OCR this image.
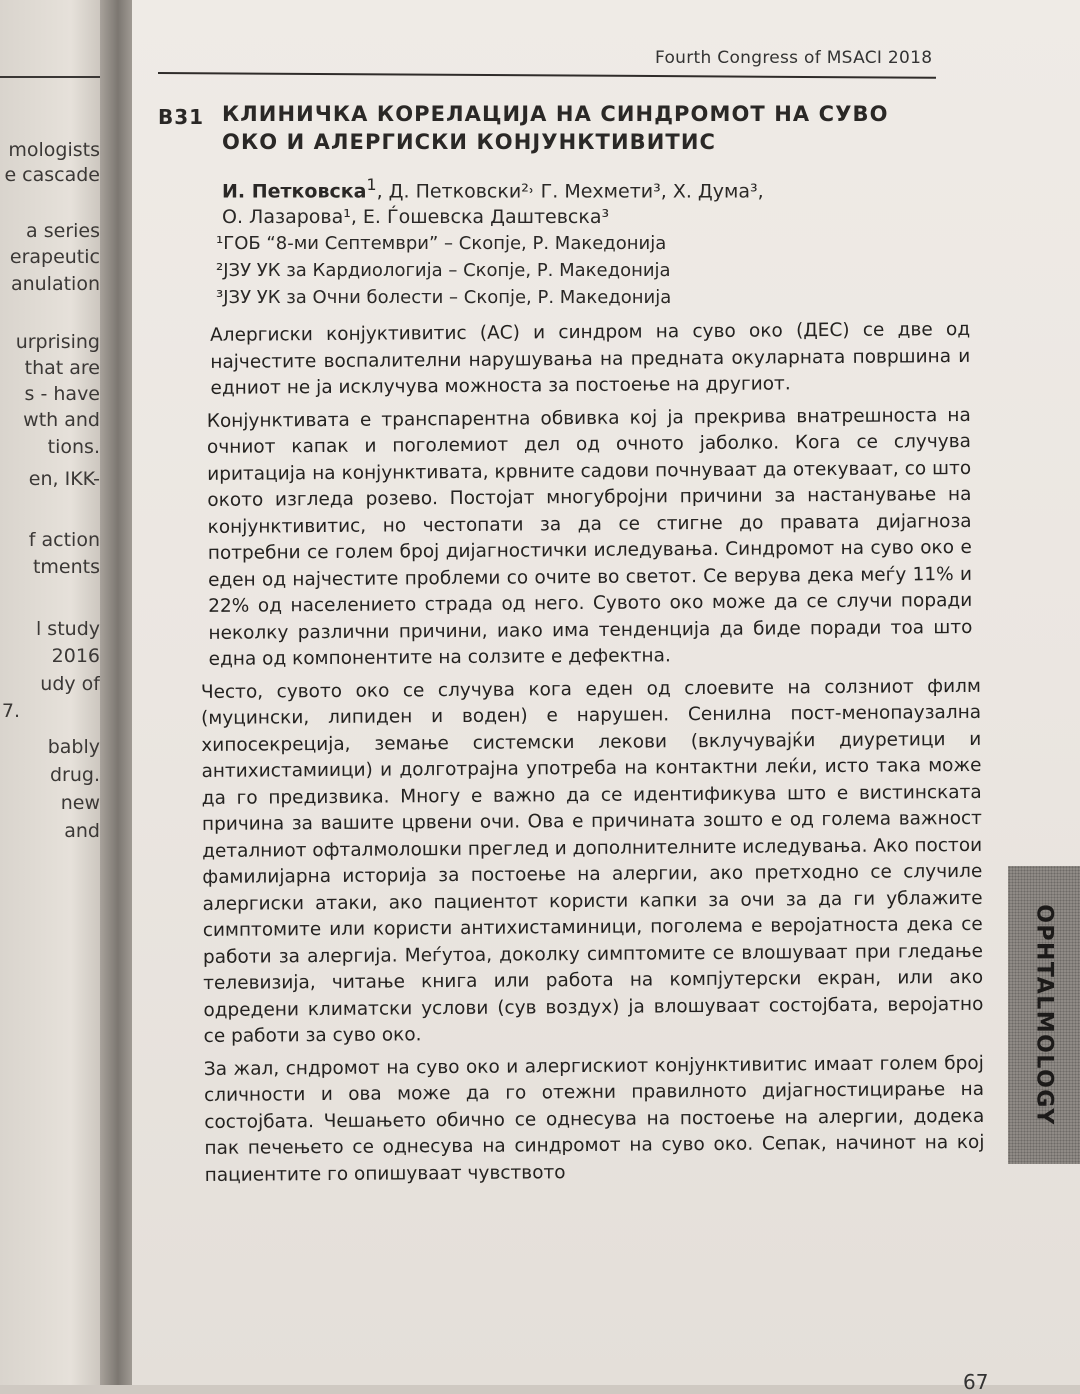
mologists
e cascade
a series
erapeutic
anulation
urprising
that are
s - have
wth and
tions.
en, IKK-
f action
tments
l study
2016
udy of
7.
bably
drug.
new
and
Fourth Congress of MSACI 2018
B31 КЛИНИЧКА КОРЕЛАЦИЈА НА СИНДРОМОТ НА СУВО
ОКО И АЛЕРГИСКИ КОНЈУНКТИВИТИС
И. Петковска$^1$, Д. Петковски²˒ Г. Мехмети³, Х. Дума³,
О. Лазарова¹, Е. Ѓошевска Даштевска³
¹ГОБ “8-ми Септември” – Скопје, Р. Македонија
²ЈЗУ УК за Кардиологија – Скопје, Р. Македонија
³ЈЗУ УК за Очни болести – Скопје, Р. Македонија

Алергиски конјуктивитис (АС) и синдром на суво око (ДЕС) се две од најчестите воспалителни нарушувања на предната окуларната површина и едниот не ја исклучува можноста за постоење на другиот.

Конјунктивата е транспарентна обвивка кој ја прекрива внатрешноста на очниот капак и поголемиот дел од очното јаболко. Кога се случува иритација на конјунктивата, крвните садови почнуваат да отекуваат, со што окото изгледа розево. Постојат многубројни причини за настанување на конјунктивитис, но честопати за да се стигне до правата дијагноза потребни се голем број дијагностички иследувања. Синдромот на суво око е еден од најчестите проблеми со очите во светот. Се верува дека меѓу 11% и 22% од населението страда од него. Сувото око може да се случи поради неколку различни причини, иако има тенденција да биде поради тоа што една од компонентите на солзите е дефектна.

Често, сувото око се случува кога еден од слоевите на солзниот филм (муцински, липиден и воден) е нарушен. Сенилна пост-менопаузална хипосекреција, земање системски лекови (вклучувајќи диуретици и антихистамиици) и долготрајна употреба на контактни леќи, исто така може да го предизвика. Многу е важно да се идентификува што е вистинската причина за вашите црвени очи. Ова е причината зошто е од голема важност деталниот офталмолошки преглед и дополнителните иследувања. Ако постои фамилијарна историја за постоење на алергии, ако претходно се случиле алергиски атаки, ако пациентот користи капки за очи за да ги ублажите симптомите или користи антихистаминици, поголема е веројатноста дека се работи за алергија. Меѓутоа, доколку симптомите се влошуваат при гледање телевизија, читање книга или работа на компјутерски екран, или ако одредени климатски услови (сув воздух) ја влошуваат состојбата, веројатно се работи за суво око.

За жал, сндромот на суво око и алергискиот конјунктивитис имаат голем број сличности и ова може да го отежни правилното дијагностицирање на состојбата. Чешањето обично се однесува на постоење на алергии, додека пак печењето се однесува на синдромот на суво око. Сепак, начинот на кој пациентите го опишуваат чувството

OPHTALMOLOGY
67
